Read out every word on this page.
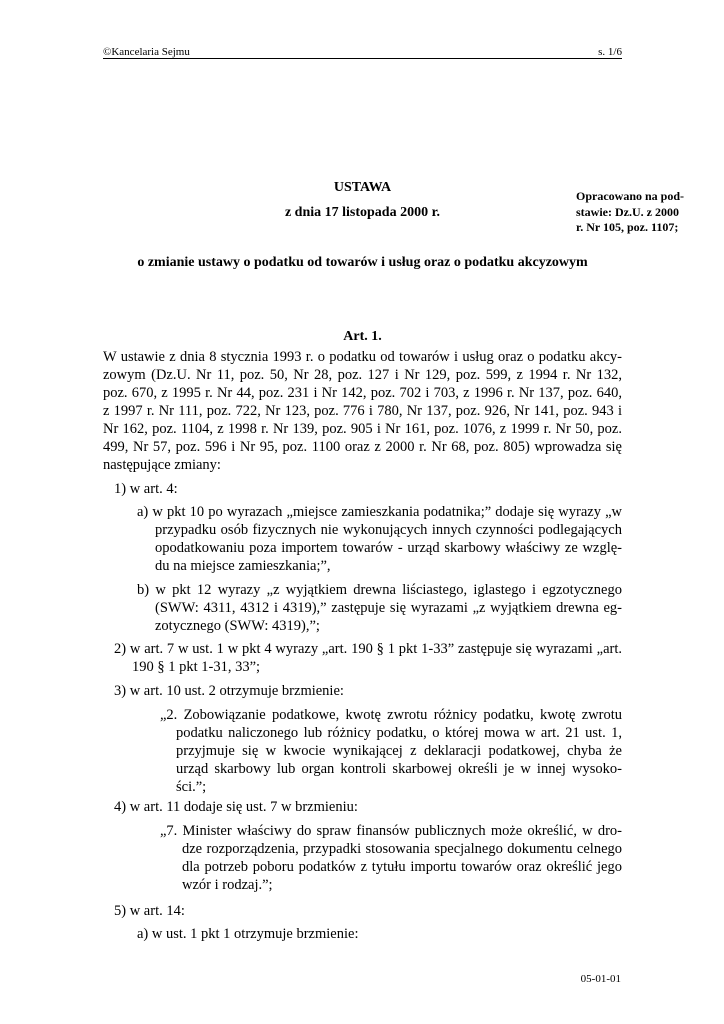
©Kancelaria Sejmu	s. 1/6
Opracowano na pod-
stawie: Dz.U. z 2000
r. Nr 105, poz. 1107;
USTAWA
z dnia 17 listopada 2000 r.
o zmianie ustawy o podatku od towarów i usług oraz o podatku akcyzowym
Art. 1.
W ustawie z dnia 8 stycznia 1993 r. o podatku od towarów i usług oraz o podatku akcy-
zowym (Dz.U. Nr 11, poz. 50, Nr 28, poz. 127 i Nr 129, poz. 599, z 1994 r. Nr 132,
poz. 670, z 1995 r. Nr 44, poz. 231 i Nr 142, poz. 702 i 703, z 1996 r. Nr 137, poz. 640,
z 1997 r. Nr 111, poz. 722, Nr 123, poz. 776 i 780, Nr 137, poz. 926, Nr 141, poz. 943 i
Nr 162, poz. 1104, z 1998 r. Nr 139, poz. 905 i Nr 161, poz. 1076, z 1999 r. Nr 50, poz.
499, Nr 57, poz. 596 i Nr 95, poz. 1100 oraz z 2000 r. Nr 68, poz. 805) wprowadza się
następujące zmiany:
1) w art. 4:
a) w pkt 10 po wyrazach „miejsce zamieszkania podatnika;” dodaje się wyrazy „w
przypadku osób fizycznych nie wykonujących innych czynności podlegających
opodatkowaniu poza importem towarów - urząd skarbowy właściwy ze wzglę-
du na miejsce zamieszkania;”,
b) w pkt 12 wyrazy „z wyjątkiem drewna liściastego, iglastego i egzotycznego
(SWW: 4311, 4312 i 4319),” zastępuje się wyrazami „z wyjątkiem drewna eg-
zotycznego (SWW: 4319),”;
2) w art. 7 w ust. 1 w pkt 4 wyrazy „art. 190 § 1 pkt 1-33” zastępuje się wyrazami „art.
190 § 1 pkt 1-31, 33”;
3) w art. 10 ust. 2 otrzymuje brzmienie:
„2. Zobowiązanie podatkowe, kwotę zwrotu różnicy podatku, kwotę zwrotu
podatku naliczonego lub różnicy podatku, o której mowa w art. 21 ust. 1,
przyjmuje się w kwocie wynikającej z deklaracji podatkowej, chyba że
urząd skarbowy lub organ kontroli skarbowej określi je w innej wysoko-
ści.”;
4) w art. 11 dodaje się ust. 7 w brzmieniu:
„7. Minister właściwy do spraw finansów publicznych może określić, w dro-
dze rozporządzenia, przypadki stosowania specjalnego dokumentu celnego
dla potrzeb poboru podatków z tytułu importu towarów oraz określić jego
wzór i rodzaj.”;
5) w art. 14:
a) w ust. 1 pkt 1 otrzymuje brzmienie:
05-01-01
